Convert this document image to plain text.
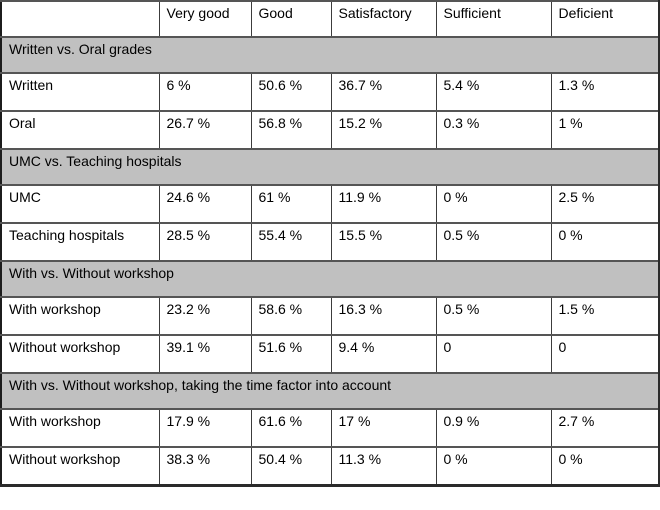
	Very good	Good	Satisfactory	Sufficient	Deficient
Written vs. Oral grades					
Written	6 %	50.6 %	36.7 %	5.4 %	1.3 %
Oral	26.7 %	56.8 %	15.2 %	0.3 %	1 %
UMC vs. Teaching hospitals					
UMC	24.6 %	61 %	11.9 %	0 %	2.5 %
Teaching hospitals	28.5 %	55.4 %	15.5 %	0.5 %	0 %
With vs. Without workshop					
With workshop	23.2 %	58.6 %	16.3 %	0.5 %	1.5 %
Without workshop	39.1 %	51.6 %	9.4 %	0	0
With vs. Without workshop, taking the time factor into account					
With workshop	17.9 %	61.6 %	17 %	0.9 %	2.7 %
Without workshop	38.3 %	50.4 %	11.3 %	0 %	0 %
